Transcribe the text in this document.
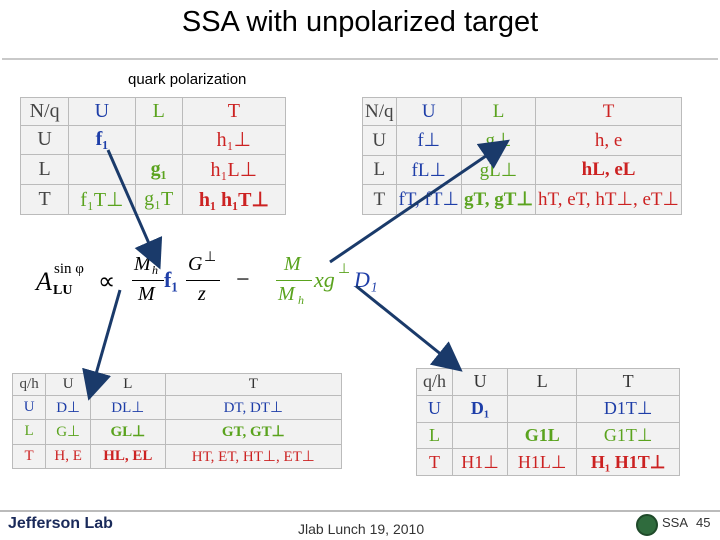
SSA with unpolarized target
quark polarization
N/q	U	L	T
U	f₁		h₁⊥
L		g₁	h₁L⊥
T	f₁T⊥	g₁T	h₁ h₁T⊥
N/q	U	L	T
U	f⊥	g⊥	h, e
L	fL⊥	gL⊥	hL, eL
T	fT, fT⊥	gT, gT⊥	hT, eT, hT⊥, eT⊥
A sin φ
LU ∝
M h
M
f₁
G ⊥
z
−
M
M h
xg ⊥ D₁
q/h	U	L	T
U	D⊥	DL⊥	DT, DT⊥
L	G⊥	GL⊥	GT, GT⊥
T	H, E	HL, EL	HT, ET, HT⊥, ET⊥
q/h	U	L	T
U	D₁		D1T⊥
L		G1L	G1T⊥
T	H1⊥	H1L⊥	H₁ H1T⊥
Jefferson Lab	Jlab Lunch 19, 2010	SSA 45
